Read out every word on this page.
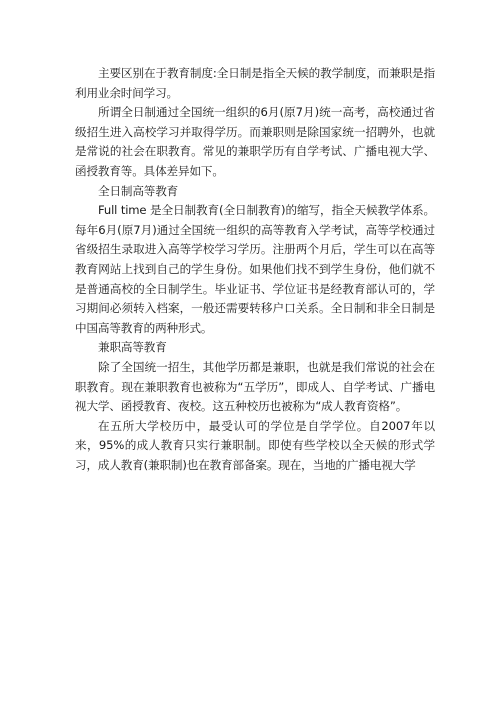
主要区别在于教育制度:全日制是指全天候的教学制度，而兼职是指利用业余时间学习。

所谓全日制通过全国统一组织的6月(原7月)统一高考，高校通过省级招生进入高校学习并取得学历。而兼职则是除国家统一招聘外，也就是常说的社会在职教育。常见的兼职学历有自学考试、广播电视大学、函授教育等。具体差异如下。

全日制高等教育

Full time 是全日制教育(全日制教育)的缩写，指全天候教学体系。每年6月(原7月)通过全国统一组织的高等教育入学考试，高等学校通过省级招生录取进入高等学校学习学历。注册两个月后，学生可以在高等教育网站上找到自己的学生身份。如果他们找不到学生身份，他们就不是普通高校的全日制学生。毕业证书、学位证书是经教育部认可的，学习期间必须转入档案，一般还需要转移户口关系。全日制和非全日制是中国高等教育的两种形式。

兼职高等教育

除了全国统一招生，其他学历都是兼职，也就是我们常说的社会在职教育。现在兼职教育也被称为“五学历”，即成人、自学考试、广播电视大学、函授教育、夜校。这五种校历也被称为“成人教育资格”。

在五所大学校历中，最受认可的学位是自学学位。自2007年以来，95%的成人教育只实行兼职制。即使有些学校以全天候的形式学习，成人教育(兼职制)也在教育部备案。现在，当地的广播电视大学
